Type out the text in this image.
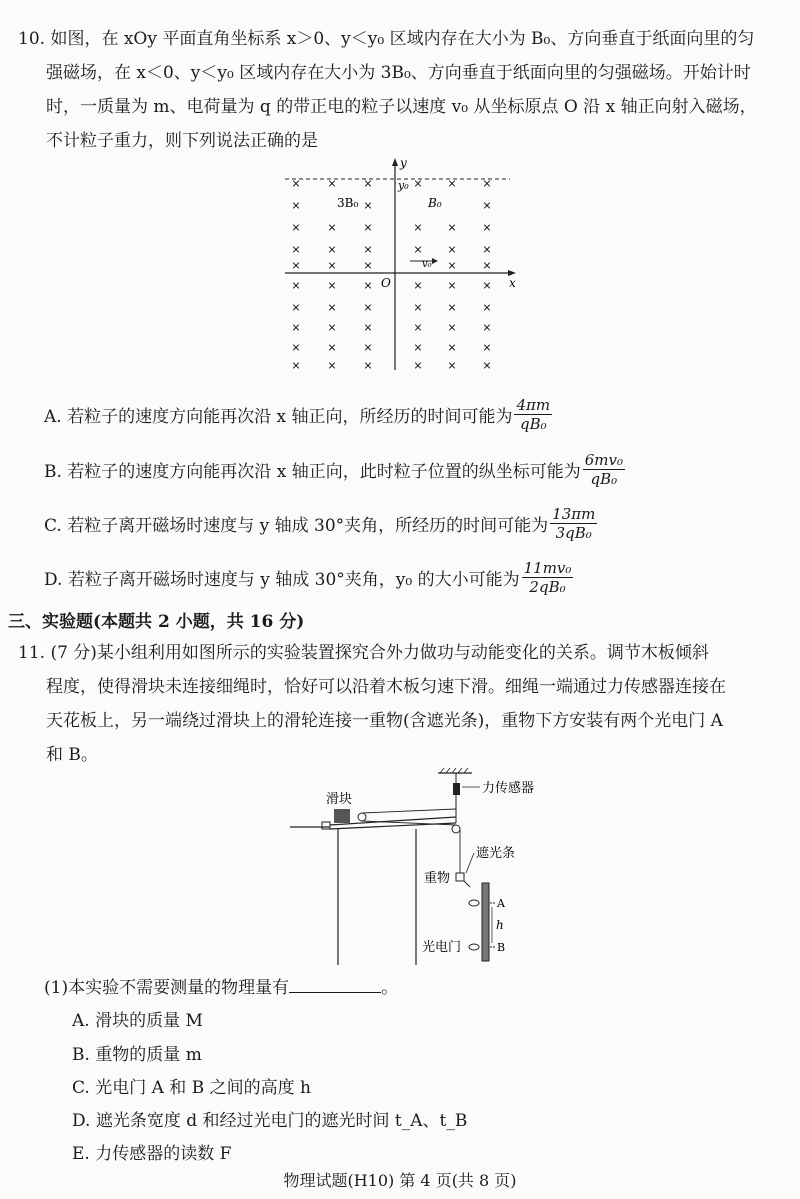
10. 如图，在 xOy 平面直角坐标系 x＞0、y＜y₀ 区域内存在大小为 B₀、方向垂直于纸面向里的匀
强磁场，在 x＜0、y＜y₀ 区域内存在大小为 3B₀、方向垂直于纸面向里的匀强磁场。开始计时
时，一质量为 m、电荷量为 q 的带正电的粒子以速度 v₀ 从坐标原点 O 沿 x 轴正向射入磁场，
不计粒子重力，则下列说法正确的是
y
x
O
y₀
3B₀	B₀
v₀
× × ×	× × ×
×	×	×
× × ×	× × ×
× × ×	× × ×
× × ×	× ×
× × ×	× × ×
× × ×	× × ×
× × ×	× × ×
× × ×	× × ×
× × ×	× × ×
A. 若粒子的速度方向能再次沿 x 轴正向，所经历的时间可能为 $\frac{4\pi m}{\text{qB₀}}$
B. 若粒子的速度方向能再次沿 x 轴正向，此时粒子位置的纵坐标可能为 $\frac{\text{6mv₀}}{\text{qB₀}}$
C. 若粒子离开磁场时速度与 y 轴成 30°夹角，所经历的时间可能为 $\frac{13\pi m}{\text{3qB₀}}$
D. 若粒子离开磁场时速度与 y 轴成 30°夹角，y₀ 的大小可能为 $\frac{\text{11mv₀}}{\text{2qB₀}}$
三、实验题(本题共 2 小题，共 16 分)
11. (7 分)某小组利用如图所示的实验装置探究合外力做功与动能变化的关系。调节木板倾斜
程度，使得滑块未连接细绳时，恰好可以沿着木板匀速下滑。细绳一端通过力传感器连接在
天花板上，另一端绕过滑块上的滑轮连接一重物(含遮光条)，重物下方安装有两个光电门 A
和 B。
力传感器
滑块
遮光条
重物
A
h
B
光电门
(1)本实验不需要测量的物理量有	。
A. 滑块的质量 M
B. 重物的质量 m
C. 光电门 A 和 B 之间的高度 h
D. 遮光条宽度 d 和经过光电门的遮光时间 t_A、t_B
E. 力传感器的读数 F
物理试题(H10) 第 4 页(共 8 页)
